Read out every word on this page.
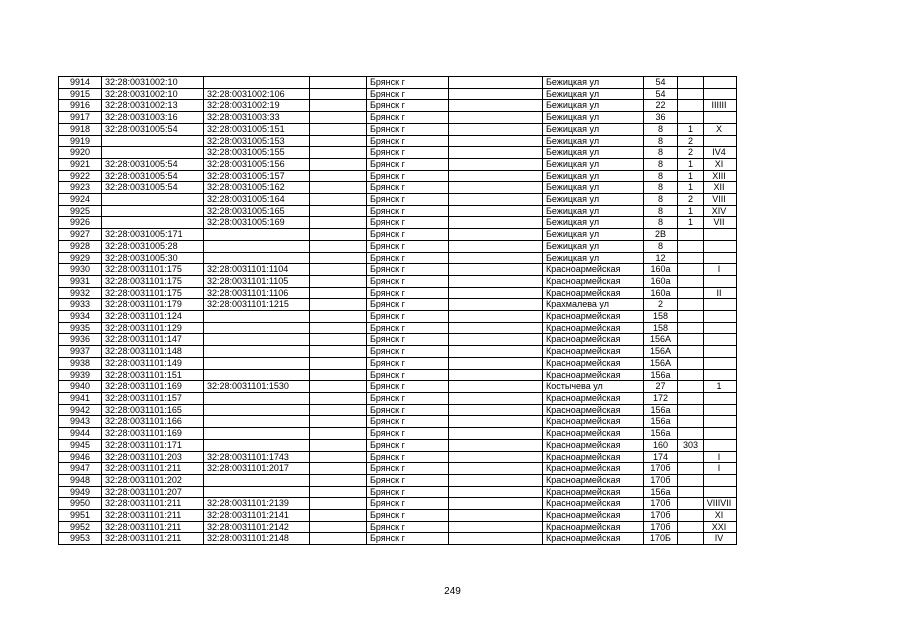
9914	32:28:0031002:10			Брянск г		Бежицкая ул	54		
9915	32:28:0031002:10	32:28:0031002:106		Брянск г		Бежицкая ул	54		
9916	32:28:0031002:13	32:28:0031002:19		Брянск г		Бежицкая ул	22		IIIIII
9917	32:28:0031003:16	32:28:0031003:33		Брянск г		Бежицкая ул	36		
9918	32:28:0031005:54	32:28:0031005:151		Брянск г		Бежицкая ул	8	1	X
9919		32:28:0031005:153		Брянск г		Бежицкая ул	8	2	
9920		32:28:0031005:155		Брянск г		Бежицкая ул	8	2	IV4
9921	32:28:0031005:54	32:28:0031005:156		Брянск г		Бежицкая ул	8	1	XI
9922	32:28:0031005:54	32:28:0031005:157		Брянск г		Бежицкая ул	8	1	XIII
9923	32:28:0031005:54	32:28:0031005:162		Брянск г		Бежицкая ул	8	1	XII
9924		32:28:0031005:164		Брянск г		Бежицкая ул	8	2	VIII
9925		32:28:0031005:165		Брянск г		Бежицкая ул	8	1	XIV
9926		32:28:0031005:169		Брянск г		Бежицкая ул	8	1	VII
9927	32:28:0031005:171			Брянск г		Бежицкая ул	2В		
9928	32:28:0031005:28			Брянск г		Бежицкая ул	8		
9929	32:28:0031005:30			Брянск г		Бежицкая ул	12		
9930	32:28:0031101:175	32:28:0031101:1104		Брянск г		Красноармейская	160а		I
9931	32:28:0031101:175	32:28:0031101:1105		Брянск г		Красноармейская	160а		
9932	32:28:0031101:175	32:28:0031101:1106		Брянск г		Красноармейская	160а		II
9933	32:28:0031101:179	32:28:0031101:1215		Брянск г		Крахмалева ул	2		
9934	32:28:0031101:124			Брянск г		Красноармейская	158		
9935	32:28:0031101:129			Брянск г		Красноармейская	158		
9936	32:28:0031101:147			Брянск г		Красноармейская	156А		
9937	32:28:0031101:148			Брянск г		Красноармейская	156А		
9938	32:28:0031101:149			Брянск г		Красноармейская	156А		
9939	32:28:0031101:151			Брянск г		Красноармейская	156а		
9940	32:28:0031101:169	32:28:0031101:1530		Брянск г		Костычева ул	27		1
9941	32:28:0031101:157			Брянск г		Красноармейская	172		
9942	32:28:0031101:165			Брянск г		Красноармейская	156а		
9943	32:28:0031101:166			Брянск г		Красноармейская	156а		
9944	32:28:0031101:169			Брянск г		Красноармейская	156а		
9945	32:28:0031101:171			Брянск г		Красноармейская	160	303	
9946	32:28:0031101:203	32:28:0031101:1743		Брянск г		Красноармейская	174		I
9947	32:28:0031101:211	32:28:0031101:2017		Брянск г		Красноармейская	170б		I
9948	32:28:0031101:202			Брянск г		Красноармейская	170б		
9949	32:28:0031101:207			Брянск г		Красноармейская	156а		
9950	32:28:0031101:211	32:28:0031101:2139		Брянск г		Красноармейская	170б		VIIIVII
9951	32:28:0031101:211	32:28:0031101:2141		Брянск г		Красноармейская	170б		XI
9952	32:28:0031101:211	32:28:0031101:2142		Брянск г		Красноармейская	170б		XXI
9953	32:28:0031101:211	32:28:0031101:2148		Брянск г		Красноармейская	170Б		IV
249
